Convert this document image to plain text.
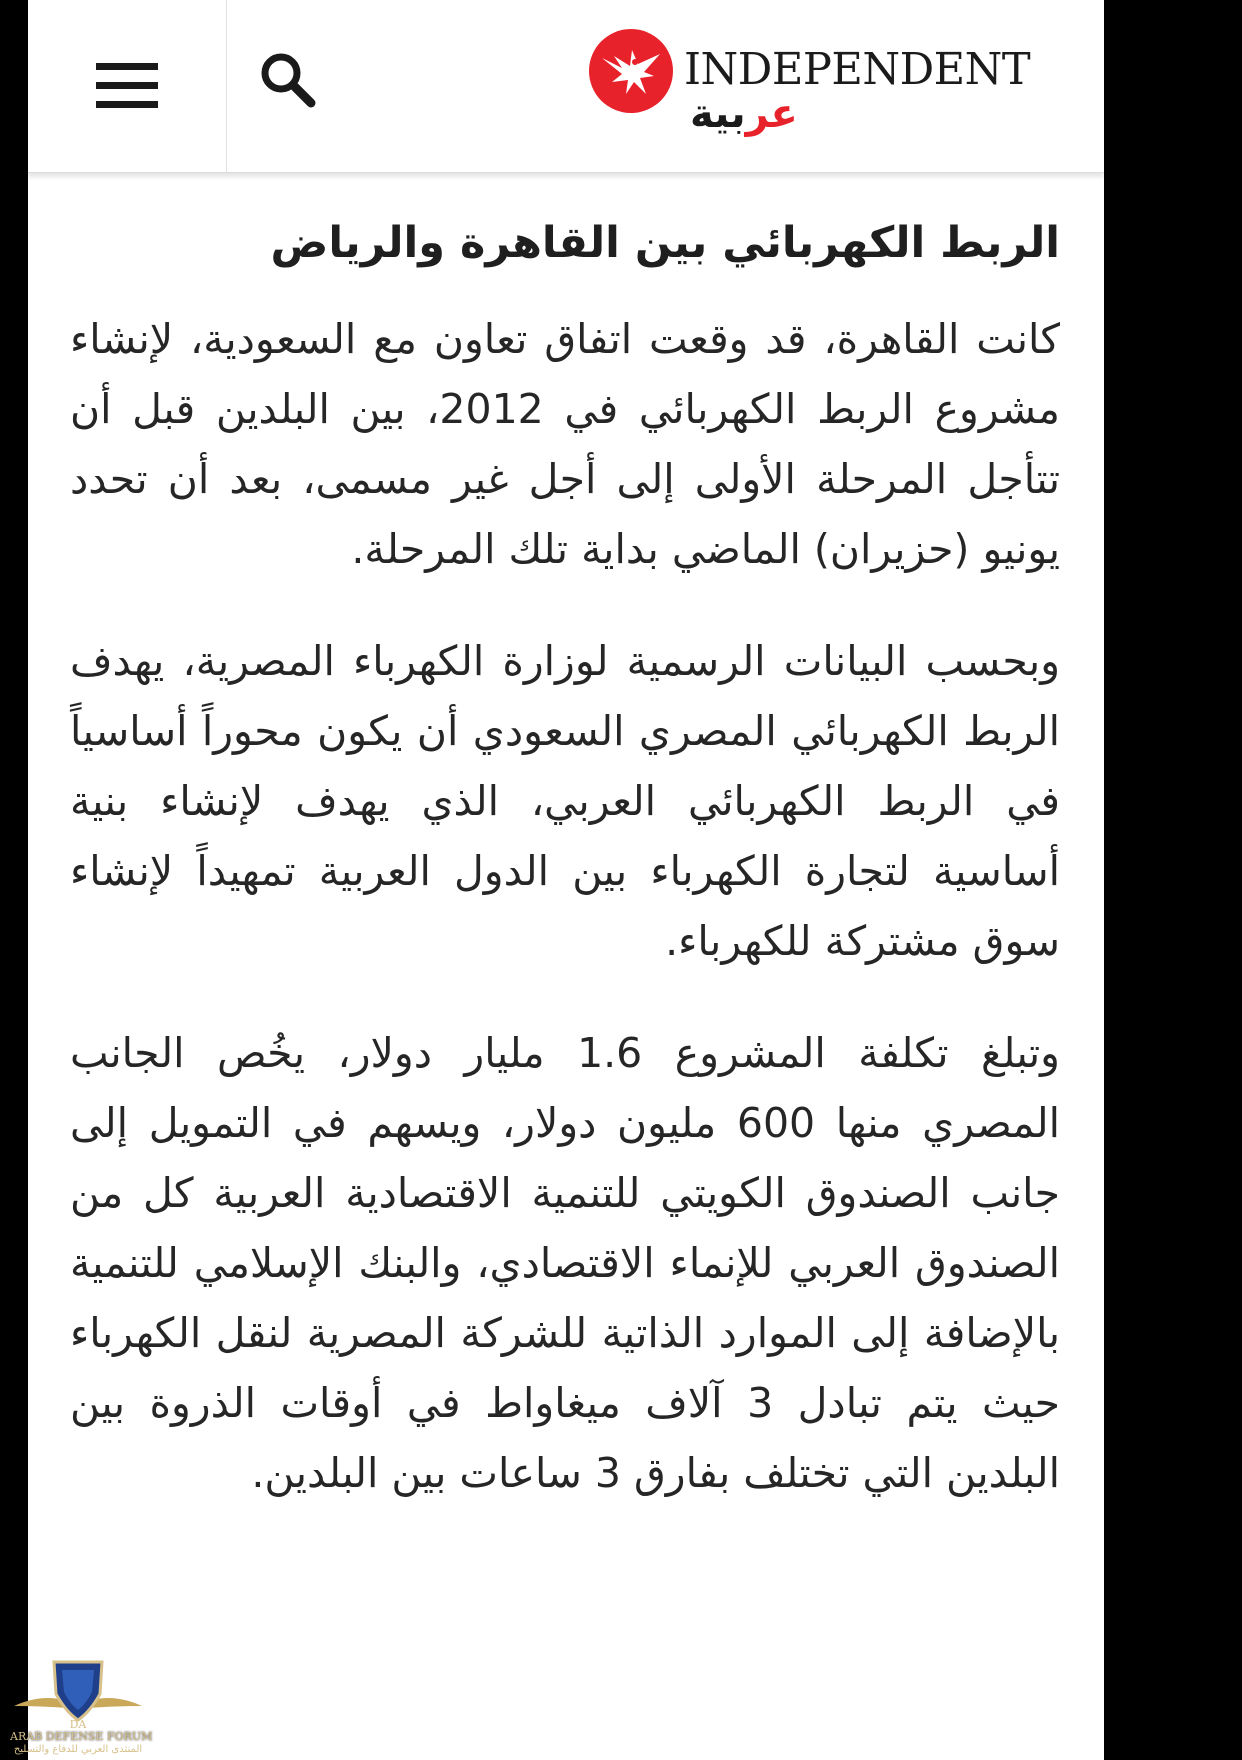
INDEPENDENT
عربية
الربط الكهربائي بين القاهرة والرياض

كانت القاهرة، قد وقعت اتفاق تعاون مع السعودية، لإنشاء مشروع الربط الكهربائي في 2012، بين البلدين قبل أن تتأجل المرحلة الأولى إلى أجل غير مسمى، بعد أن تحدد يونيو (حزيران) الماضي بداية تلك المرحلة.

وبحسب البيانات الرسمية لوزارة الكهرباء المصرية، يهدف الربط الكهربائي المصري السعودي أن يكون محوراً أساسياً في الربط الكهربائي العربي، الذي يهدف لإنشاء بنية أساسية لتجارة الكهرباء بين الدول العربية تمهيداً لإنشاء سوق مشتركة للكهرباء.

وتبلغ تكلفة المشروع 1.6 مليار دولار، يخُص الجانب المصري منها 600 مليون دولار، ويسهم في التمويل إلى جانب الصندوق الكويتي للتنمية الاقتصادية العربية كل من الصندوق العربي للإنماء الاقتصادي، والبنك الإسلامي للتنمية بالإضافة إلى الموارد الذاتية للشركة المصرية لنقل الكهرباء حيث يتم تبادل 3 آلاف ميغاواط في أوقات الذروة بين البلدين التي تختلف بفارق 3 ساعات بين البلدين.

DA
ARAB DEFENSE FORUM
المنتدى العربي للدفاع والتسليح
